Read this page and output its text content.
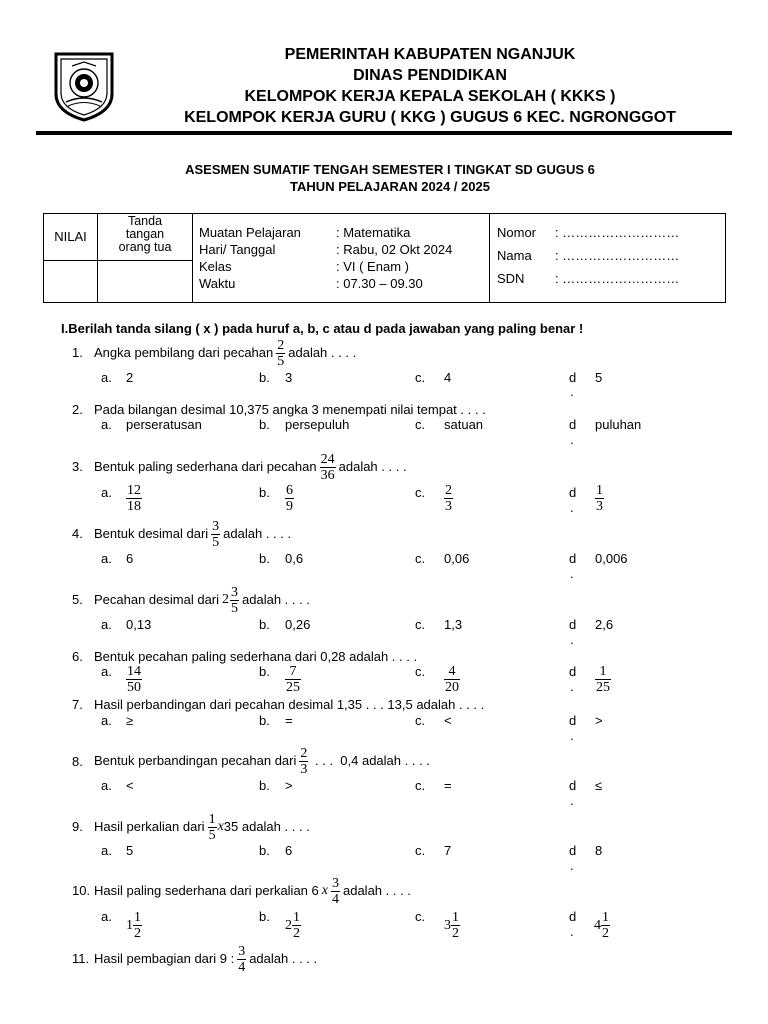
PEMERINTAH KABUPATEN NGANJUK
DINAS PENDIDIKAN
KELOMPOK KERJA KEPALA SEKOLAH ( KKKS )
KELOMPOK KERJA GURU ( KKG ) GUGUS 6 KEC. NGRONGGOT
ASESMEN SUMATIF TENGAH SEMESTER I TINGKAT SD GUGUS 6
TAHUN PELAJARAN 2024 / 2025
NILAI
Tanda
tangan
orang tua
Muatan Pelajaran	: Matematika
Hari/ Tanggal	: Rabu, 02 Okt 2024
Kelas	: VI ( Enam )
Waktu	: 07.30 – 09.30
Nomor : ………………………
Nama : ………………………
SDN : ………………………
I.Berilah tanda silang ( x ) pada huruf a, b, c atau d pada jawaban yang paling benar !
1. Angka pembilang dari pecahan $\frac{2}{5}$ adalah . . . .
a. 2	b. 3	c. 4	d
.
5
2. Pada bilangan desimal 10,375 angka 3 menempati nilai tempat . . . .
a. perseratusan	b. persepuluh	c. satuan	d
.
puluhan
3. Bentuk paling sederhana dari pecahan $\frac{24}{36}$ adalah . . . .
a. $\frac{12}{18}$	b. $\frac{6}{9}$	c. $\frac{2}{3}$	d
. $\frac{1}{3}$
4. Bentuk desimal dari $\frac{3}{5}$ adalah . . . .
a. 6	b. 0,6	c. 0,06	d
.
0,006
5. Pecahan desimal dari $2 \frac{3}{5}$ adalah . . . .
a. 0,13	b. 0,26	c. 1,3	d
.
2,6
6. Bentuk pecahan paling sederhana dari 0,28 adalah . . . .
a. $\frac{14}{50}$	b. $\frac{7}{25}$	c. $\frac{4}{20}$	d
. $\frac{1}{25}$
7. Hasil perbandingan dari pecahan desimal 1,35 . . . 13,5 adalah . . . .
a. ≥	b. =	c. <	d
.
>
8. Bentuk perbandingan pecahan dari $\frac{2}{3}$ . . .  0,4 adalah . . . .
a. <	b. >	c. =	d
.
≤
9. Hasil perkalian dari $\frac{1}{5}$ x 35 adalah . . . .
a. 5	b. 6	c. 7	d
.
8
10. Hasil paling sederhana dari perkalian 6 x $\frac{3}{4}$ adalah . . . .
a.
$1 \frac{1}{2}$	b.
$2 \frac{1}{2}$	c.
$3 \frac{1}{2}$	d
. $4 \frac{1}{2}$
11. Hasil pembagian dari 9 : $\frac{3}{4}$ adalah . . . .
